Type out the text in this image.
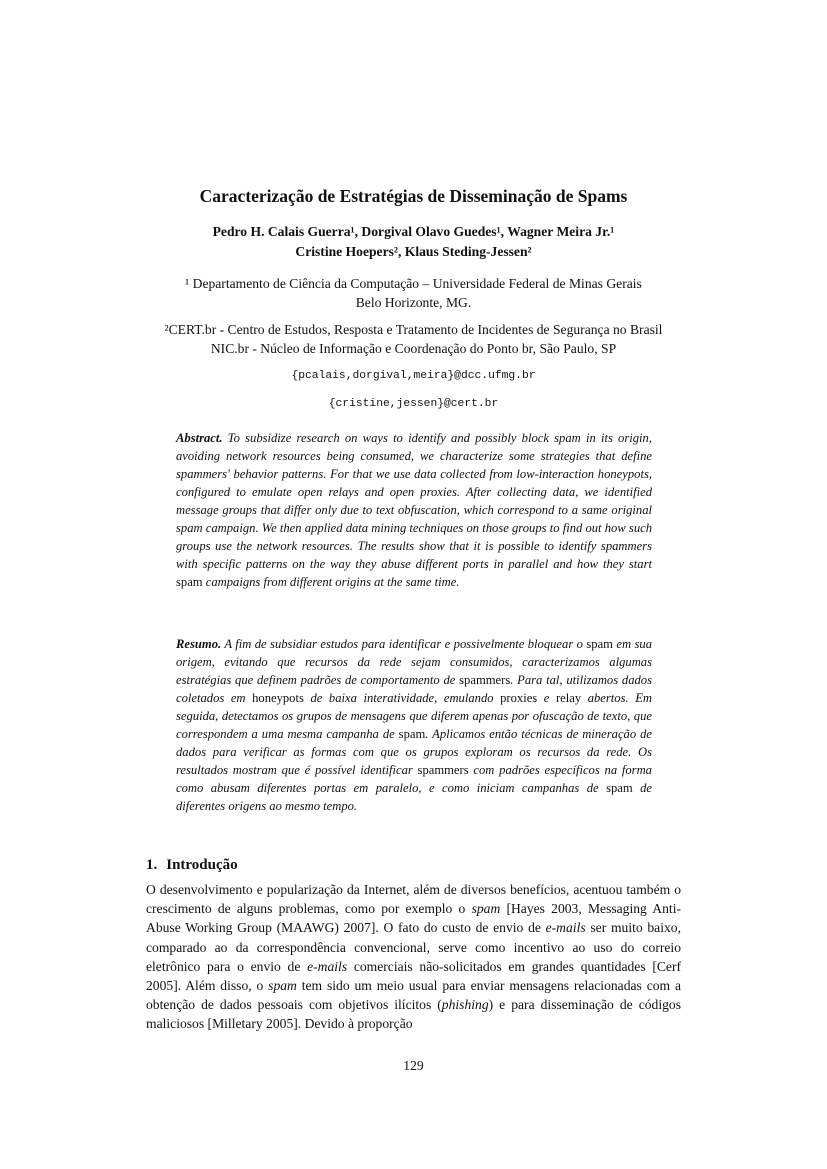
Caracterização de Estratégias de Disseminação de Spams
Pedro H. Calais Guerra¹, Dorgival Olavo Guedes¹, Wagner Meira Jr.¹
Cristine Hoepers², Klaus Steding-Jessen²
¹ Departamento de Ciência da Computação – Universidade Federal de Minas Gerais
Belo Horizonte, MG.
²CERT.br - Centro de Estudos, Resposta e Tratamento de Incidentes de Segurança no Brasil
NIC.br - Núcleo de Informação e Coordenação do Ponto br, São Paulo, SP
{pcalais,dorgival,meira}@dcc.ufmg.br
{cristine,jessen}@cert.br

Abstract. To subsidize research on ways to identify and possibly block spam in its origin, avoiding network resources being consumed, we characterize some strategies that define spammers' behavior patterns. For that we use data collected from low-interaction honeypots, configured to emulate open relays and open proxies. After collecting data, we identified message groups that differ only due to text obfuscation, which correspond to a same original spam campaign. We then applied data mining techniques on those groups to find out how such groups use the network resources. The results show that it is possible to identify spammers with specific patterns on the way they abuse different ports in parallel and how they start spam campaigns from different origins at the same time.

Resumo. A fim de subsidiar estudos para identificar e possivelmente bloquear o spam em sua origem, evitando que recursos da rede sejam consumidos, caracterizamos algumas estratégias que definem padrões de comportamento de spammers. Para tal, utilizamos dados coletados em honeypots de baixa interatividade, emulando proxies e relay abertos. Em seguida, detectamos os grupos de mensagens que diferem apenas por ofuscação de texto, que correspondem a uma mesma campanha de spam. Aplicamos então técnicas de mineração de dados para verificar as formas com que os grupos exploram os recursos da rede. Os resultados mostram que é possível identificar spammers com padrões específicos na forma como abusam diferentes portas em paralelo, e como iniciam campanhas de spam de diferentes origens ao mesmo tempo.

1. Introdução

O desenvolvimento e popularização da Internet, além de diversos benefícios, acentuou também o crescimento de alguns problemas, como por exemplo o spam [Hayes 2003, Messaging Anti-Abuse Working Group (MAAWG) 2007]. O fato do custo de envio de e-mails ser muito baixo, comparado ao da correspondência convencional, serve como incentivo ao uso do correio eletrônico para o envio de e-mails comerciais não-solicitados em grandes quantidades [Cerf 2005]. Além disso, o spam tem sido um meio usual para enviar mensagens relacionadas com a obtenção de dados pessoais com objetivos ilícitos (phishing) e para disseminação de códigos maliciosos [Milletary 2005]. Devido à proporção

129
